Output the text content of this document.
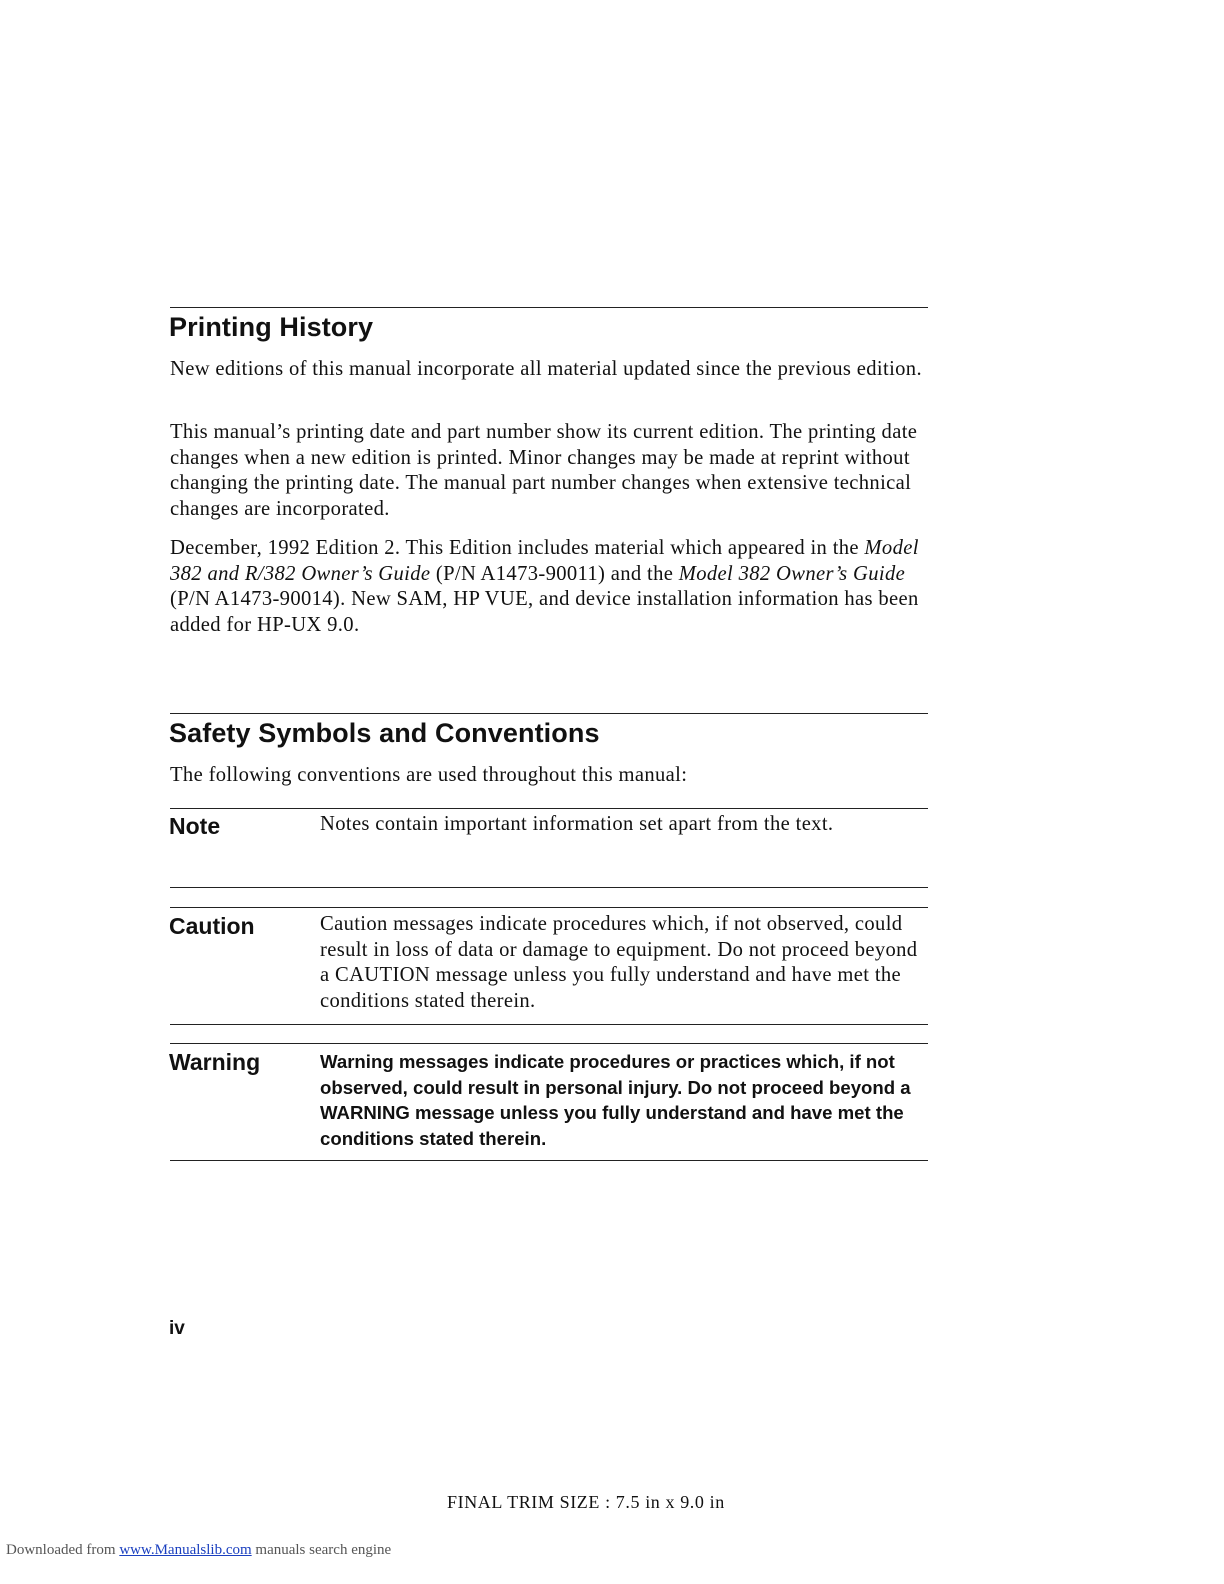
Printing History

New editions of this manual incorporate all material updated since the previous edition.

This manual’s printing date and part number show its current edition. The printing date changes when a new edition is printed. Minor changes may be made at reprint without changing the printing date. The manual part number changes when extensive technical changes are incorporated.

December, 1992 Edition 2. This Edition includes material which appeared in the Model 382 and R/382 Owner’s Guide (P/N A1473-90011) and the Model 382 Owner’s Guide (P/N A1473-90014). New SAM, HP VUE, and device installation information has been added for HP-UX 9.0.

Safety Symbols and Conventions

The following conventions are used throughout this manual:

Note	Notes contain important information set apart from the text.

Caution	Caution messages indicate procedures which, if not observed, could result in loss of data or damage to equipment. Do not proceed beyond a CAUTION message unless you fully understand and have met the conditions stated therein.

Warning	Warning messages indicate procedures or practices which, if not observed, could result in personal injury. Do not proceed beyond a WARNING message unless you fully understand and have met the conditions stated therein.

iv

FINAL TRIM SIZE : 7.5 in x 9.0 in

Downloaded from www.Manualslib.com manuals search engine
